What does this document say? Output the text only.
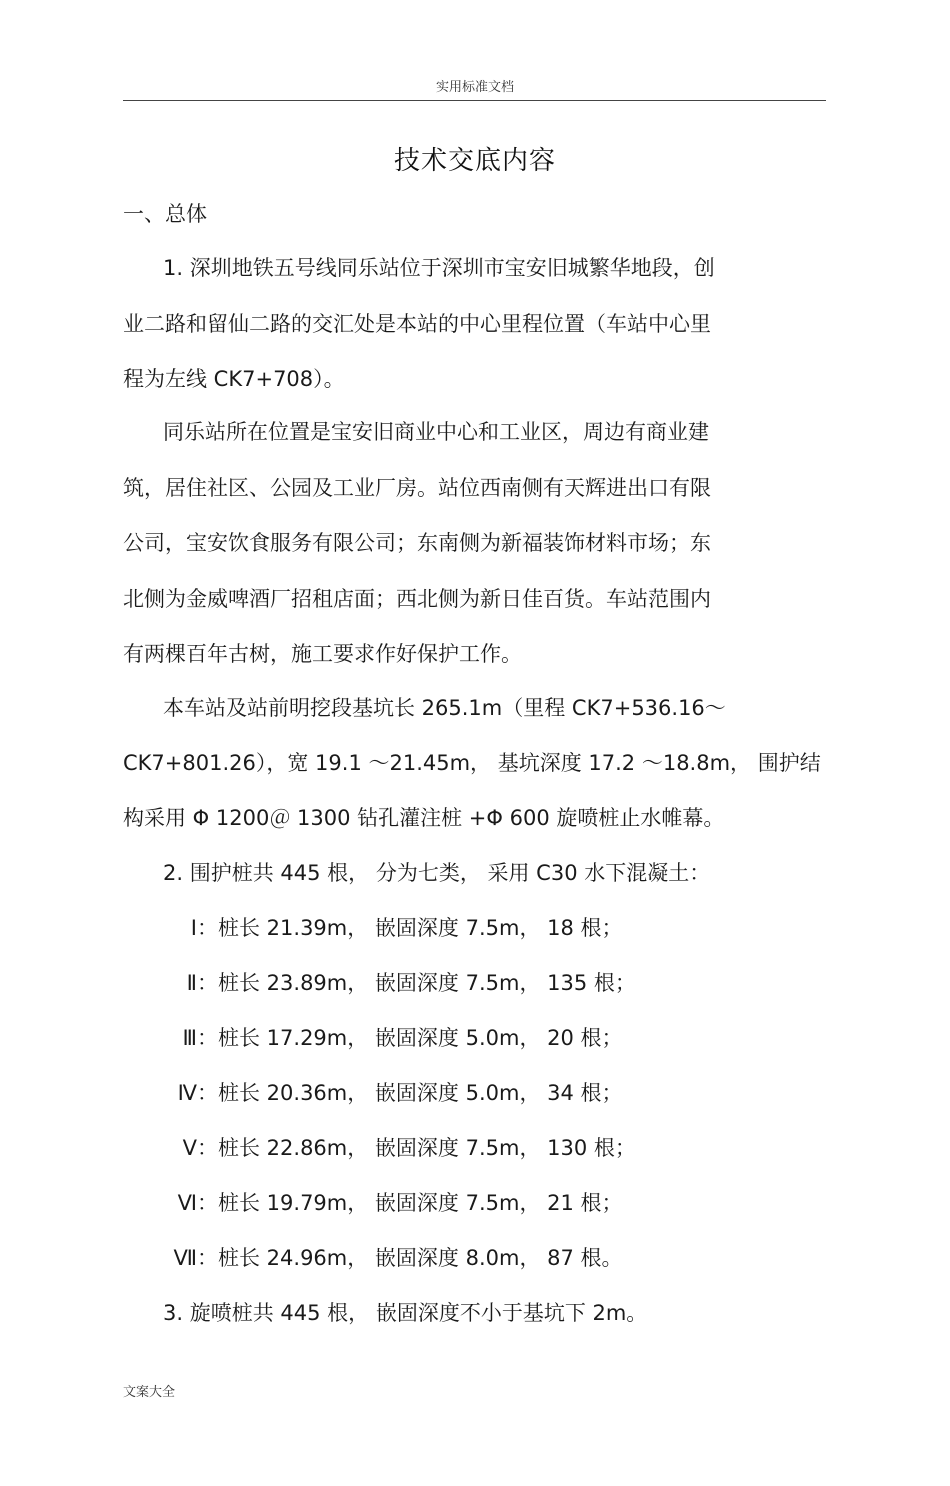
实用标准文档
技术交底内容
一、总体
1. 深圳地铁五号线同乐站位于深圳市宝安旧城繁华地段，创
业二路和留仙二路的交汇处是本站的中心里程位置（车站中心里
程为左线 CK7+708）。
同乐站所在位置是宝安旧商业中心和工业区，周边有商业建
筑，居住社区、公园及工业厂房。站位西南侧有天辉进出口有限
公司，宝安饮食服务有限公司；东南侧为新福装饰材料市场；东
北侧为金威啤酒厂招租店面；西北侧为新日佳百货。车站范围内
有两棵百年古树，施工要求作好保护工作。
本车站及站前明挖段基坑长 265.1m（里程 CK7+536.16～
CK7+801.26），宽 19.1 ～21.45m， 基坑深度 17.2 ～18.8m， 围护结
构采用 Φ 1200＠ 1300 钻孔灌注桩 +Φ 600 旋喷桩止水帷幕。
2. 围护桩共 445 根， 分为七类， 采用 C30 水下混凝土：
Ⅰ：桩长 21.39m， 嵌固深度 7.5m， 18 根；
Ⅱ：桩长 23.89m， 嵌固深度 7.5m， 135 根；
Ⅲ：桩长 17.29m， 嵌固深度 5.0m， 20 根；
Ⅳ：桩长 20.36m， 嵌固深度 5.0m， 34 根；
Ⅴ：桩长 22.86m， 嵌固深度 7.5m， 130 根；
Ⅵ：桩长 19.79m， 嵌固深度 7.5m， 21 根；
Ⅶ：桩长 24.96m， 嵌固深度 8.0m， 87 根。
3. 旋喷桩共 445 根， 嵌固深度不小于基坑下 2m。
文案大全
